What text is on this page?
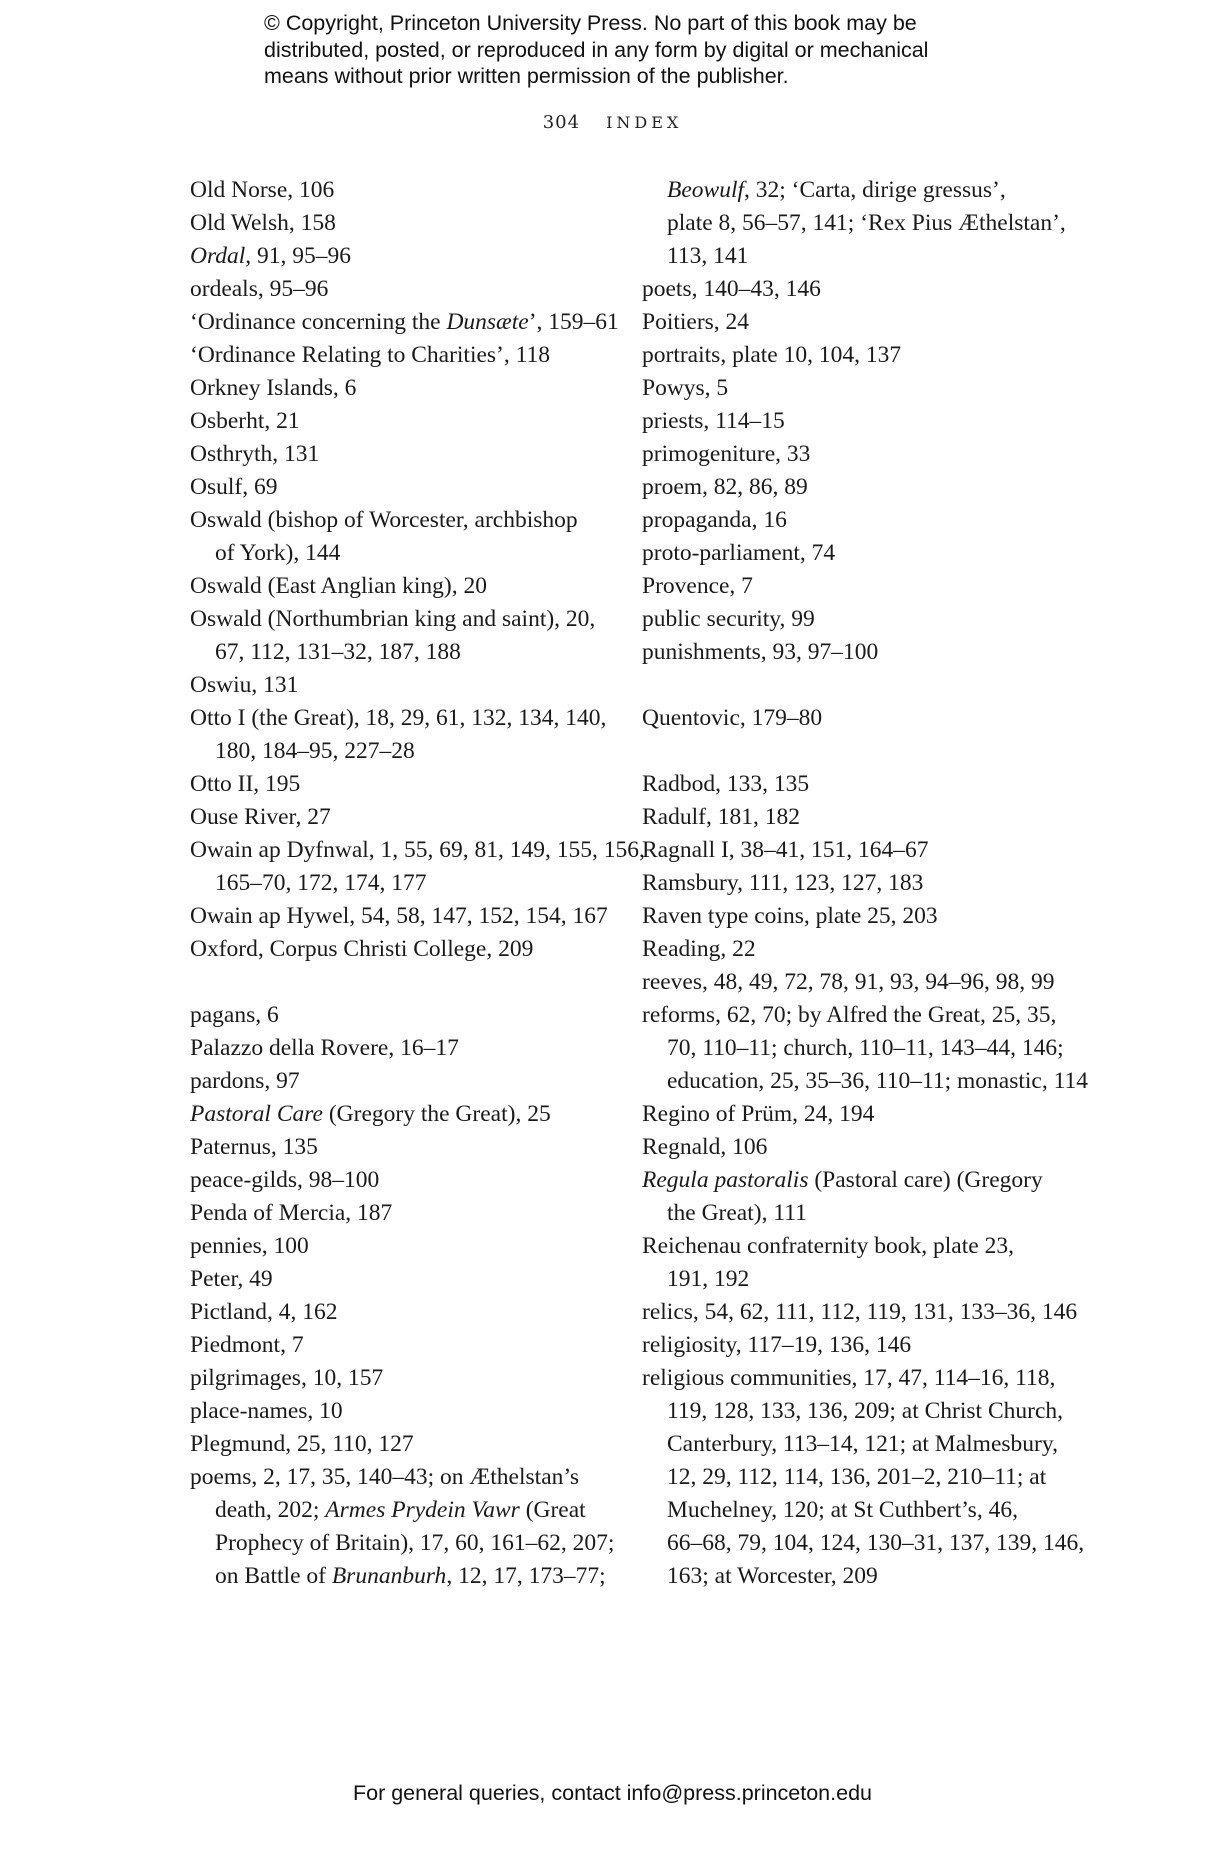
© Copyright, Princeton University Press. No part of this book may be
distributed, posted, or reproduced in any form by digital or mechanical
means without prior written permission of the publisher.
304 INDEX
Old Norse, 106
Old Welsh, 158
Ordal, 91, 95–96
ordeals, 95–96
‘Ordinance concerning the Dunsæte’, 159–61
‘Ordinance Relating to Charities’, 118
Orkney Islands, 6
Osberht, 21
Osthryth, 131
Osulf, 69
Oswald (bishop of Worcester, archbishop
of York), 144
Oswald (East Anglian king), 20
Oswald (Northumbrian king and saint), 20,
67, 112, 131–32, 187, 188
Oswiu, 131
Otto I (the Great), 18, 29, 61, 132, 134, 140,
180, 184–95, 227–28
Otto II, 195
Ouse River, 27
Owain ap Dyfnwal, 1, 55, 69, 81, 149, 155, 156,
165–70, 172, 174, 177
Owain ap Hywel, 54, 58, 147, 152, 154, 167
Oxford, Corpus Christi College, 209
pagans, 6
Palazzo della Rovere, 16–17
pardons, 97
Pastoral Care (Gregory the Great), 25
Paternus, 135
peace-gilds, 98–100
Penda of Mercia, 187
pennies, 100
Peter, 49
Pictland, 4, 162
Piedmont, 7
pilgrimages, 10, 157
place-names, 10
Plegmund, 25, 110, 127
poems, 2, 17, 35, 140–43; on Æthelstan’s
death, 202; Armes Prydein Vawr (Great
Prophecy of Britain), 17, 60, 161–62, 207;
on Battle of Brunanburh, 12, 17, 173–77;
Beowulf, 32; ‘Carta, dirige gressus’,
plate 8, 56–57, 141; ‘Rex Pius Æthelstan’,
113, 141
poets, 140–43, 146
Poitiers, 24
portraits, plate 10, 104, 137
Powys, 5
priests, 114–15
primogeniture, 33
proem, 82, 86, 89
propaganda, 16
proto-parliament, 74
Provence, 7
public security, 99
punishments, 93, 97–100
Quentovic, 179–80
Radbod, 133, 135
Radulf, 181, 182
Ragnall I, 38–41, 151, 164–67
Ramsbury, 111, 123, 127, 183
Raven type coins, plate 25, 203
Reading, 22
reeves, 48, 49, 72, 78, 91, 93, 94–96, 98, 99
reforms, 62, 70; by Alfred the Great, 25, 35,
70, 110–11; church, 110–11, 143–44, 146;
education, 25, 35–36, 110–11; monastic, 114
Regino of Prüm, 24, 194
Regnald, 106
Regula pastoralis (Pastoral care) (Gregory
the Great), 111
Reichenau confraternity book, plate 23,
191, 192
relics, 54, 62, 111, 112, 119, 131, 133–36, 146
religiosity, 117–19, 136, 146
religious communities, 17, 47, 114–16, 118,
119, 128, 133, 136, 209; at Christ Church,
Canterbury, 113–14, 121; at Malmesbury,
12, 29, 112, 114, 136, 201–2, 210–11; at
Muchelney, 120; at St Cuthbert’s, 46,
66–68, 79, 104, 124, 130–31, 137, 139, 146,
163; at Worcester, 209
For general queries, contact info@press.princeton.edu
